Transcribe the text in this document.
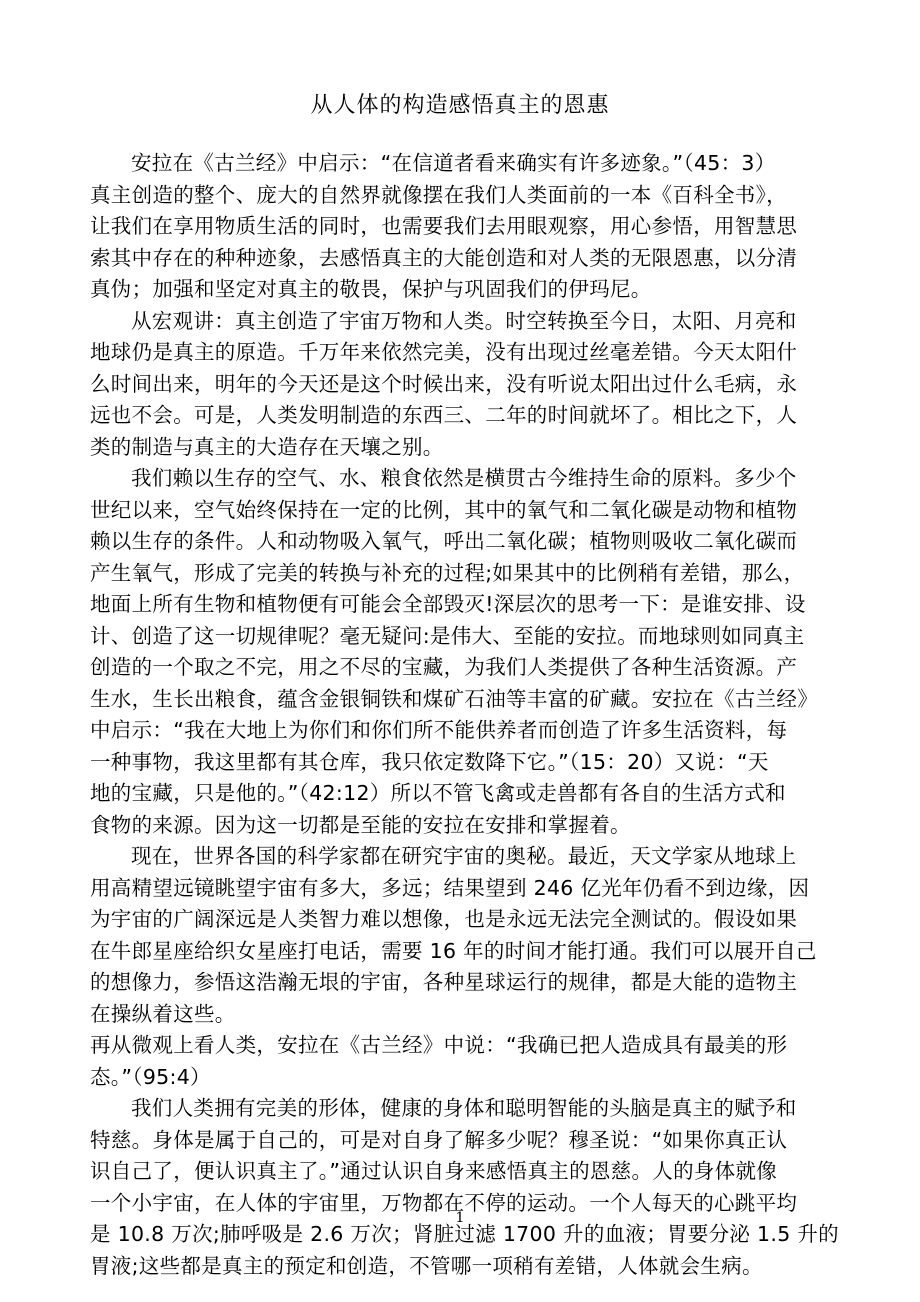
从人体的构造感悟真主的恩惠
安拉在《古兰经》中启示：“在信道者看来确实有许多迹象。”（45：3）
真主创造的整个、庞大的自然界就像摆在我们人类面前的一本《百科全书》，
让我们在享用物质生活的同时，也需要我们去用眼观察，用心参悟，用智慧思
索其中存在的种种迹象，去感悟真主的大能创造和对人类的无限恩惠，以分清
真伪；加强和坚定对真主的敬畏，保护与巩固我们的伊玛尼。
从宏观讲：真主创造了宇宙万物和人类。时空转换至今日，太阳、月亮和
地球仍是真主的原造。千万年来依然完美，没有出现过丝毫差错。今天太阳什
么时间出来，明年的今天还是这个时候出来，没有听说太阳出过什么毛病，永
远也不会。可是，人类发明制造的东西三、二年的时间就坏了。相比之下，人
类的制造与真主的大造存在天壤之别。
我们赖以生存的空气、水、粮食依然是横贯古今维持生命的原料。多少个
世纪以来，空气始终保持在一定的比例，其中的氧气和二氧化碳是动物和植物
赖以生存的条件。人和动物吸入氧气，呼出二氧化碳；植物则吸收二氧化碳而
产生氧气，形成了完美的转换与补充的过程;如果其中的比例稍有差错，那么，
地面上所有生物和植物便有可能会全部毁灭!深层次的思考一下：是谁安排、设
计、创造了这一切规律呢？毫无疑问:是伟大、至能的安拉。而地球则如同真主
创造的一个取之不完，用之不尽的宝藏，为我们人类提供了各种生活资源。产
生水，生长出粮食，蕴含金银铜铁和煤矿石油等丰富的矿藏。安拉在《古兰经》
中启示：“我在大地上为你们和你们所不能供养者而创造了许多生活资料，每
一种事物，我这里都有其仓库，我只依定数降下它。”（15：20）又说：“天
地的宝藏，只是他的。”（42:12）所以不管飞禽或走兽都有各自的生活方式和
食物的来源。因为这一切都是至能的安拉在安排和掌握着。
现在，世界各国的科学家都在研究宇宙的奥秘。最近，天文学家从地球上
用高精望远镜眺望宇宙有多大，多远；结果望到 246 亿光年仍看不到边缘，因
为宇宙的广阔深远是人类智力难以想像，也是永远无法完全测试的。假设如果
在牛郎星座给织女星座打电话，需要 16 年的时间才能打通。我们可以展开自己
的想像力，参悟这浩瀚无垠的宇宙，各种星球运行的规律，都是大能的造物主
在操纵着这些。
再从微观上看人类，安拉在《古兰经》中说：“我确已把人造成具有最美的形
态。”（95:4）
我们人类拥有完美的形体，健康的身体和聪明智能的头脑是真主的赋予和
特慈。身体是属于自己的，可是对自身了解多少呢？穆圣说：“如果你真正认
识自己了，便认识真主了。”通过认识自身来感悟真主的恩慈。人的身体就像
一个小宇宙，在人体的宇宙里，万物都在不停的运动。一个人每天的心跳平均
是 10.8 万次;肺呼吸是 2.6 万次；肾脏过滤 1700 升的血液；胃要分泌 1.5 升的
胃液;这些都是真主的预定和创造，不管哪一项稍有差错，人体就会生病。
1
